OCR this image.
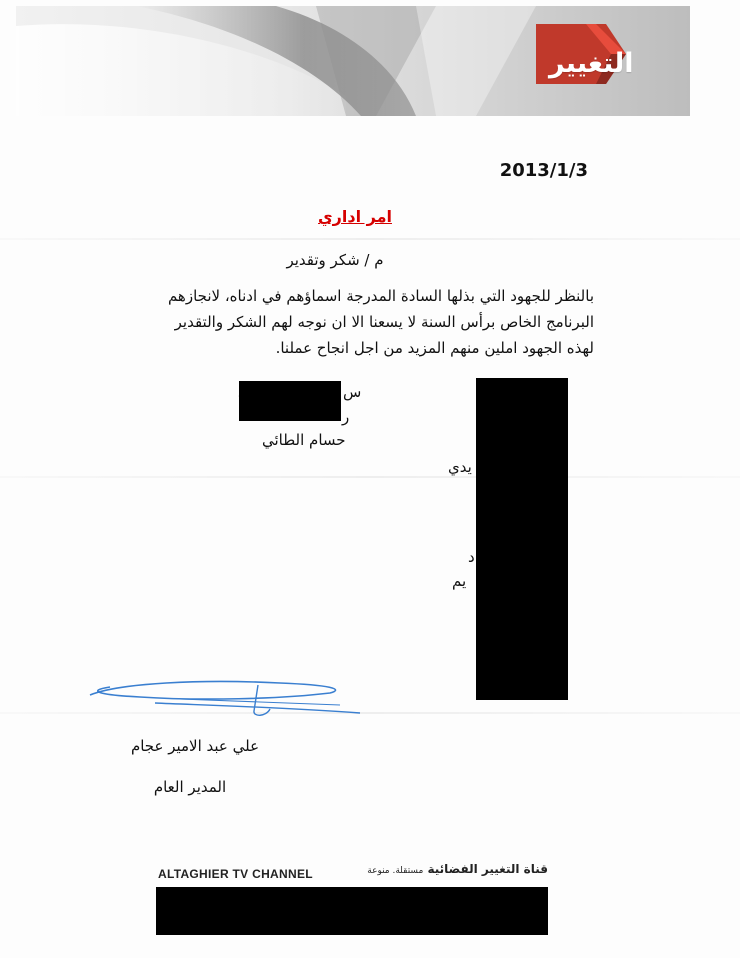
التغيير
2013/1/3
امر اداري
م / شكر وتقدير
بالنظر للجهود التي بذلها السادة المدرجة اسماؤهم في ادناه، لانجازهم
البرنامج الخاص برأس السنة لا يسعنا الا ان نوجه لهم الشكر والتقدير
لهذه الجهود املين منهم المزيد من اجل انجاح عملنا.
ر
س
حسام الطائي
يدي
يم
د
علي عبد الامير عجام
المدير العام
ALTAGHIER TV CHANNEL	قناة التغيير الفضائية مستقلة. منوعة
